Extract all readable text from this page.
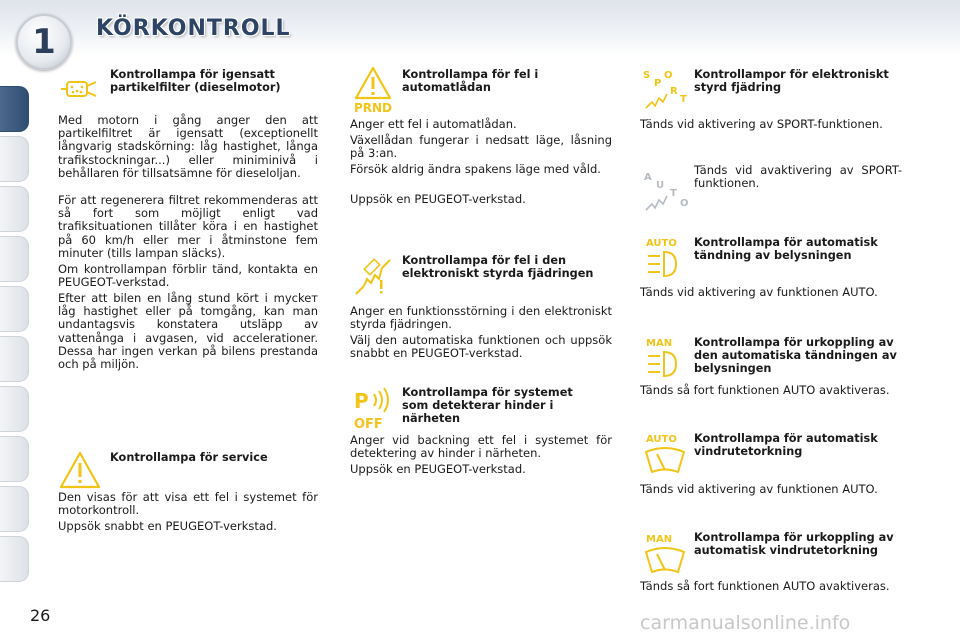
1	KÖRKONTROLL
Kontrollampa för igensatt partikelfilter (dieselmotor)

Med motorn i gång anger den att partikelfiltret är igensatt (exceptionellt långvarig stadskörning: låg hastighet, långa trafikstockningar...) eller miniminivå i behållaren för tillsatsämne för dieseloljan.

För att regenerera filtret rekommenderas att så fort som möjligt enligt vad trafiksituationen tillåter köra i en hastighet på 60 km/h eller mer i åtminstone fem minuter (tills lampan släcks).

Om kontrollampan förblir tänd, kontakta en PEUGEOT-verkstad.

Efter att bilen en lång stund kört i myckeт låg hastighet eller på tomgång, kan man undantagsvis konstatera utsläpp av vattenånga i avgasen, vid accelerationer. Dessa har ingen verkan på bilens prestanda och på miljön.

Kontrollampa för service

Den visas för att visa ett fel i systemet för motorkontroll.

Uppsök snabbt en PEUGEOT-verkstad.

PRND
Kontrollampa för fel i automatlådan

Anger ett fel i automatlådan.

Växellådan fungerar i nedsatt läge, låsning på 3:an.

Försök aldrig ändra spakens läge med våld.

Uppsök en PEUGEOT-verkstad.

Kontrollampa för fel i den elektroniskt styrda fjädringen

Anger en funktionsstörning i den elektroniskt styrda fjädringen.

Välj den automatiska funktionen och uppsök snabbt en PEUGEOT-verkstad.

P
OFF
Kontrollampa för systemet som detekterar hinder i närheten

Anger vid backning ett fel i systemet för detektering av hinder i närheten.

Uppsök en PEUGEOT-verkstad.

S
P
O
R
T
Kontrollampor för elektroniskt styrd fjädring

Tänds vid aktivering av SPORT-funktionen.

A
U
T
O

Tänds vid avaktivering av SPORT-funktionen.

AUTO Kontrollampa för automatisk tändning av belysningen

Tänds vid aktivering av funktionen AUTO.

MAN Kontrollampa för urkoppling av den automatiska tändningen av belysningen

Tänds så fort funktionen AUTO avaktiveras.

AUTO Kontrollampa för automatisk vindrutetorkning

Tänds vid aktivering av funktionen AUTO.

MAN Kontrollampa för urkoppling av automatisk vindrutetorkning

Tänds så fort funktionen AUTO avaktiveras.

26	carmanualsonline.info
